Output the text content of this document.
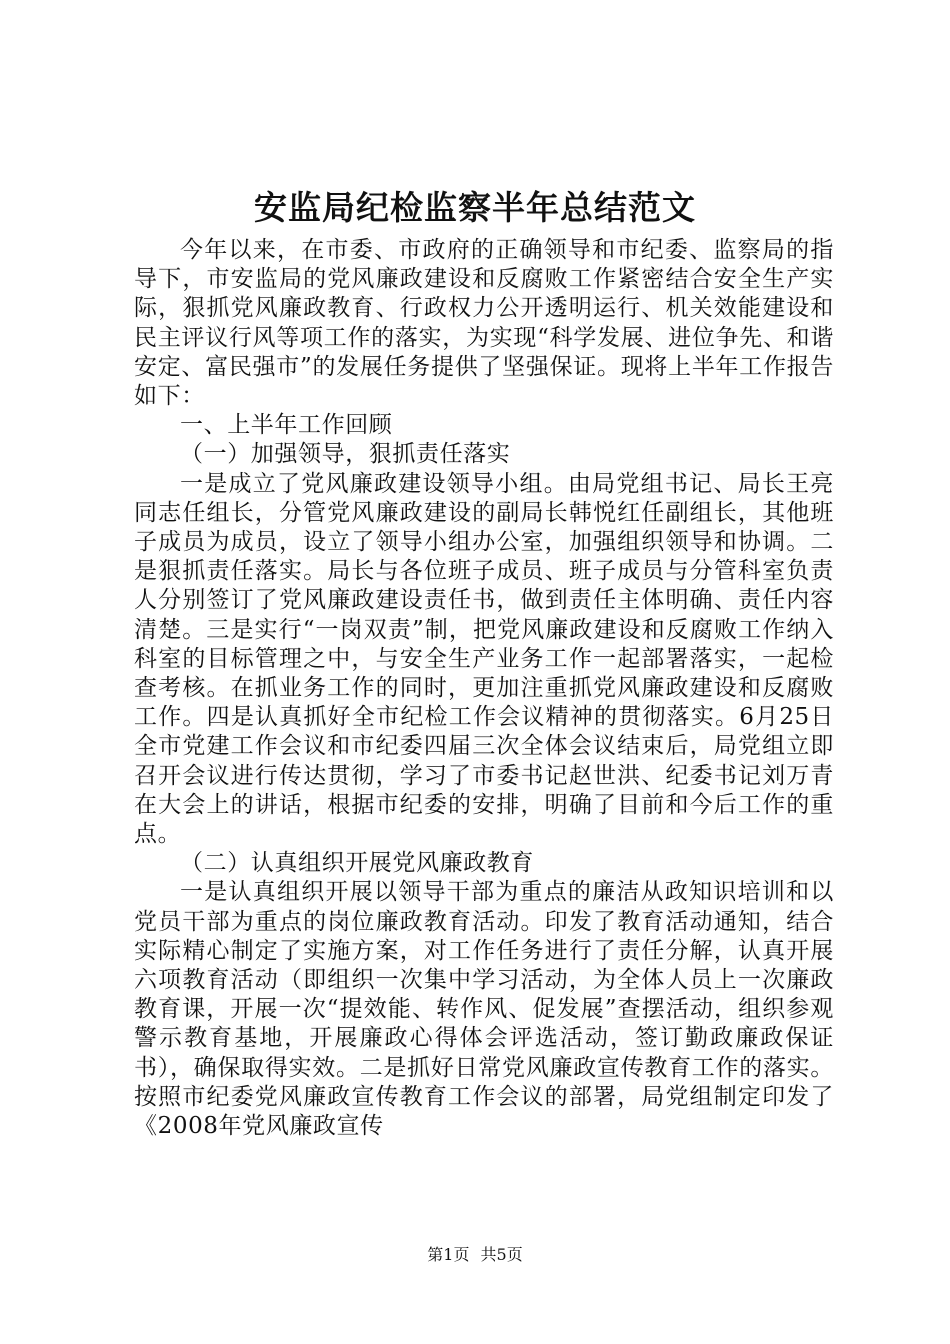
安监局纪检监察半年总结范文

今年以来，在市委、市政府的正确领导和市纪委、监察局的指导下，市安监局的党风廉政建设和反腐败工作紧密结合安全生产实际，狠抓党风廉政教育、行政权力公开透明运行、机关效能建设和民主评议行风等项工作的落实，为实现“科学发展、进位争先、和谐安定、富民强市”的发展任务提供了坚强保证。现将上半年工作报告如下：

一、上半年工作回顾

（一）加强领导，狠抓责任落实

一是成立了党风廉政建设领导小组。由局党组书记、局长王亮同志任组长，分管党风廉政建设的副局长韩悦红任副组长，其他班子成员为成员，设立了领导小组办公室，加强组织领导和协调。二是狠抓责任落实。局长与各位班子成员、班子成员与分管科室负责人分别签订了党风廉政建设责任书，做到责任主体明确、责任内容清楚。三是实行“一岗双责”制，把党风廉政建设和反腐败工作纳入科室的目标管理之中，与安全生产业务工作一起部署落实，一起检查考核。在抓业务工作的同时，更加注重抓党风廉政建设和反腐败工作。四是认真抓好全市纪检工作会议精神的贯彻落实。6月25日全市党建工作会议和市纪委四届三次全体会议结束后，局党组立即召开会议进行传达贯彻，学习了市委书记赵世洪、纪委书记刘万青在大会上的讲话，根据市纪委的安排，明确了目前和今后工作的重点。

（二）认真组织开展党风廉政教育

一是认真组织开展以领导干部为重点的廉洁从政知识培训和以党员干部为重点的岗位廉政教育活动。印发了教育活动通知，结合实际精心制定了实施方案，对工作任务进行了责任分解，认真开展六项教育活动（即组织一次集中学习活动，为全体人员上一次廉政教育课，开展一次“提效能、转作风、促发展”查摆活动，组织参观警示教育基地，开展廉政心得体会评选活动，签订勤政廉政保证书），确保取得实效。二是抓好日常党风廉政宣传教育工作的落实。按照市纪委党风廉政宣传教育工作会议的部署，局党组制定印发了《2008年党风廉政宣传

第1页 共5页
